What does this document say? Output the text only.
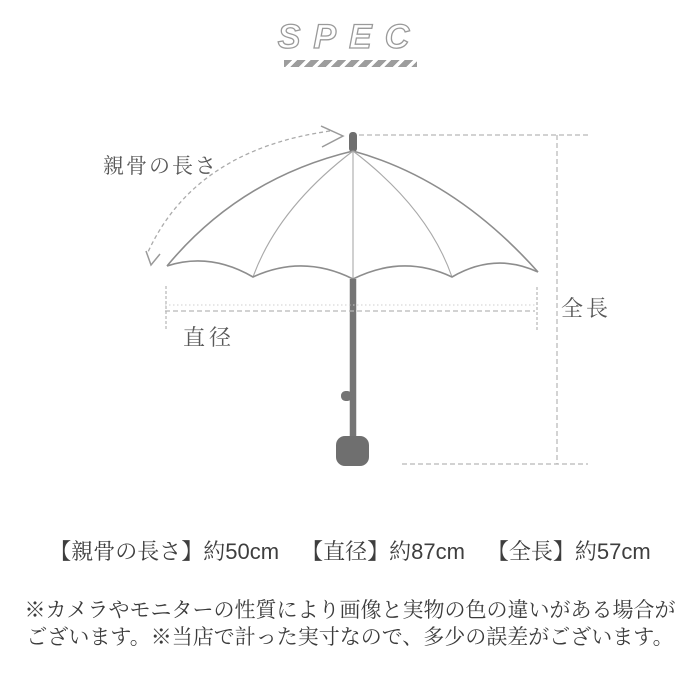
SPEC
親骨の長さ
直径
全長
【親骨の長さ】約50cm 【直径】約87cm 【全長】約57cm
※カメラやモニターの性質により画像と実物の色の違いがある場合が
ございます。※当店で計った実寸なので、多少の誤差がございます。
